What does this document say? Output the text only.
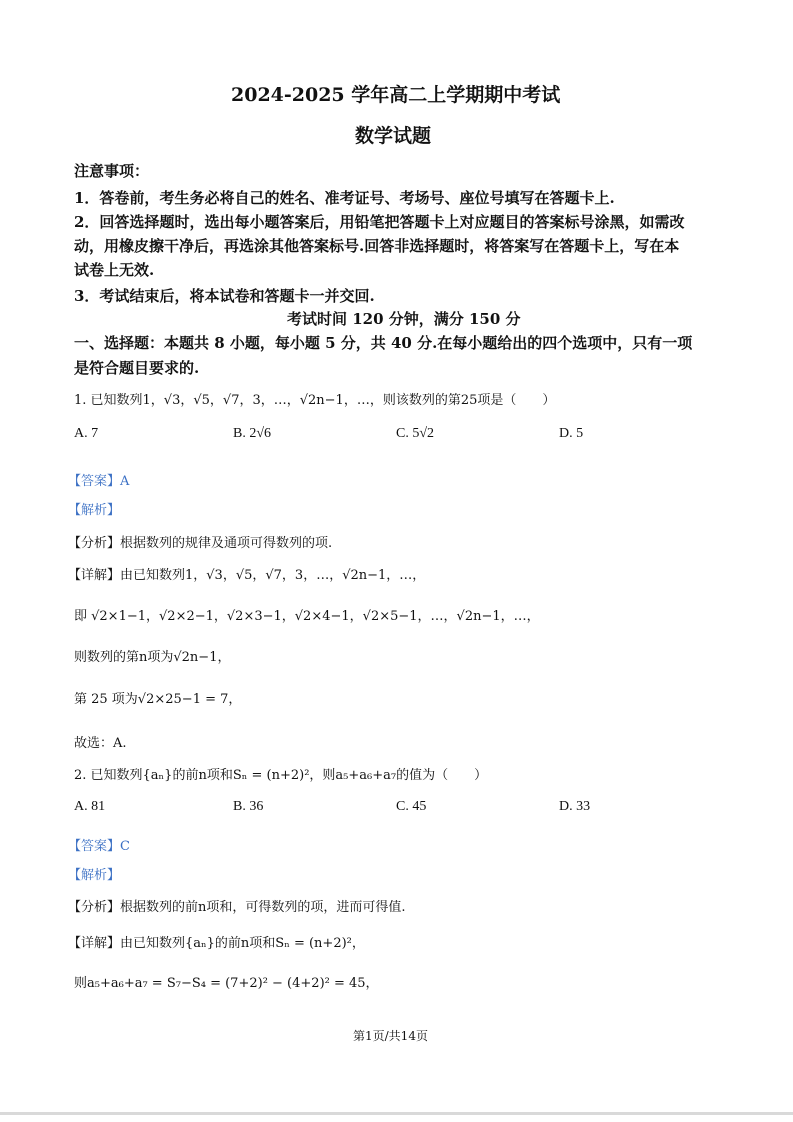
2024-2025 学年高二上学期期中考试
数学试题
注意事项：
1．答卷前，考生务必将自己的姓名、准考证号、考场号、座位号填写在答题卡上.
2．回答选择题时，选出每小题答案后，用铅笔把答题卡上对应题目的答案标号涂黑，如需改
动，用橡皮擦干净后，再选涂其他答案标号.回答非选择题时，将答案写在答题卡上，写在本
试卷上无效.
3．考试结束后，将本试卷和答题卡一并交回.
考试时间 120 分钟，满分 150 分
一、选择题：本题共 8 小题，每小题 5 分，共 40 分.在每小题给出的四个选项中，只有一项
是符合题目要求的.
1. 已知数列1，√3，√5，√7，3，…，√2n−1，…，则该数列的第25项是（　　）
A. 7	B. 2√6	C. 5√2	D. 5
【答案】A
【解析】
【分析】根据数列的规律及通项可得数列的项.
【详解】由已知数列1，√3，√5，√7，3，…，√2n−1，…，
即 √2×1−1，√2×2−1，√2×3−1，√2×4−1，√2×5−1，…，√2n−1，…，
则数列的第n项为√2n−1，
第 25 项为√2×25−1 = 7，
故选：A.
2. 已知数列{aₙ}的前n项和Sₙ = (n+2)²，则a₅+a₆+a₇的值为（　　）
A. 81	B. 36	C. 45	D. 33
【答案】C
【解析】
【分析】根据数列的前n项和，可得数列的项，进而可得值.
【详解】由已知数列{aₙ}的前n项和Sₙ = (n+2)²，
则a₅+a₆+a₇ = S₇−S₄ = (7+2)² − (4+2)² = 45，
第1页/共14页
